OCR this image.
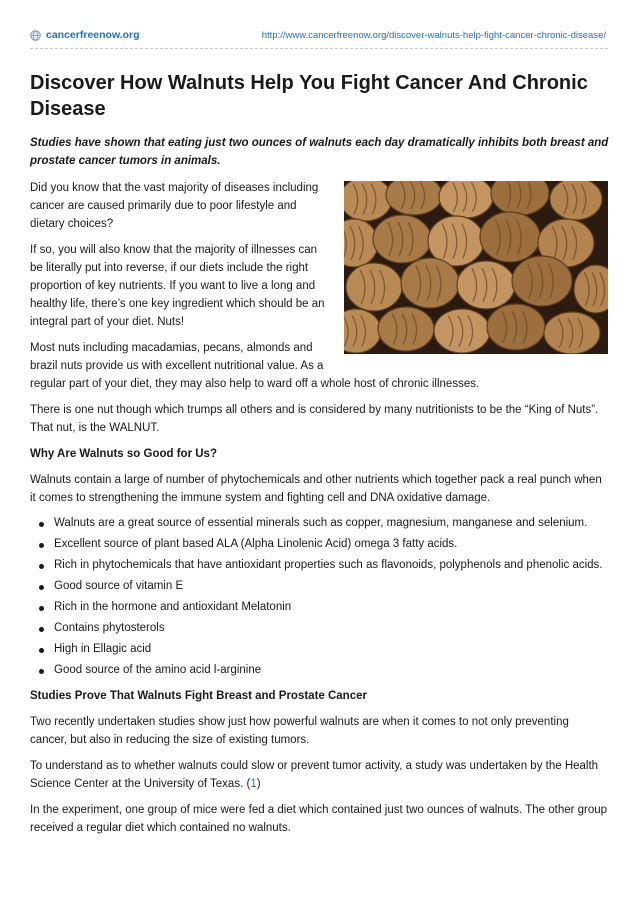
cancerfreenow.org	http://www.cancerfreenow.org/discover-walnuts-help-fight-cancer-chronic-disease/
Discover How Walnuts Help You Fight Cancer And Chronic Disease
Studies have shown that eating just two ounces of walnuts each day dramatically inhibits both breast and
prostate cancer tumors in animals.

Did you know that the vast majority of diseases including cancer are caused primarily due to poor lifestyle and dietary choices?

If so, you will also know that the majority of illnesses can be literally put into reverse, if our diets include the right proportion of key nutrients. If you want to live a long and healthy life, there’s one key ingredient which should be an integral part of your diet. Nuts!

Most nuts including macadamias, pecans, almonds and brazil nuts provide us with excellent nutritional value. As a regular part of your diet, they may also help to ward off a whole host of chronic illnesses.

There is one nut though which trumps all others and is considered by many nutritionists to be the “King of Nuts”. That nut, is the WALNUT.

Why Are Walnuts so Good for Us?

Walnuts contain a large of number of phytochemicals and other nutrients which together pack a real punch when it comes to strengthening the immune system and fighting cell and DNA oxidative damage.

Walnuts are a great source of essential minerals such as copper, magnesium, manganese and selenium.
Excellent source of plant based ALA (Alpha Linolenic Acid) omega 3 fatty acids.
Rich in phytochemicals that have antioxidant properties such as flavonoids, polyphenols and phenolic acids.
Good source of vitamin E
Rich in the hormone and antioxidant Melatonin
Contains phytosterols
High in Ellagic acid
Good source of the amino acid l-arginine
Studies Prove That Walnuts Fight Breast and Prostate Cancer

Two recently undertaken studies show just how powerful walnuts are when it comes to not only preventing cancer, but also in reducing the size of existing tumors.

To understand as to whether walnuts could slow or prevent tumor activity, a study was undertaken by the Health Science Center at the University of Texas. (1)

In the experiment, one group of mice were fed a diet which contained just two ounces of walnuts. The other group received a regular diet which contained no walnuts.
